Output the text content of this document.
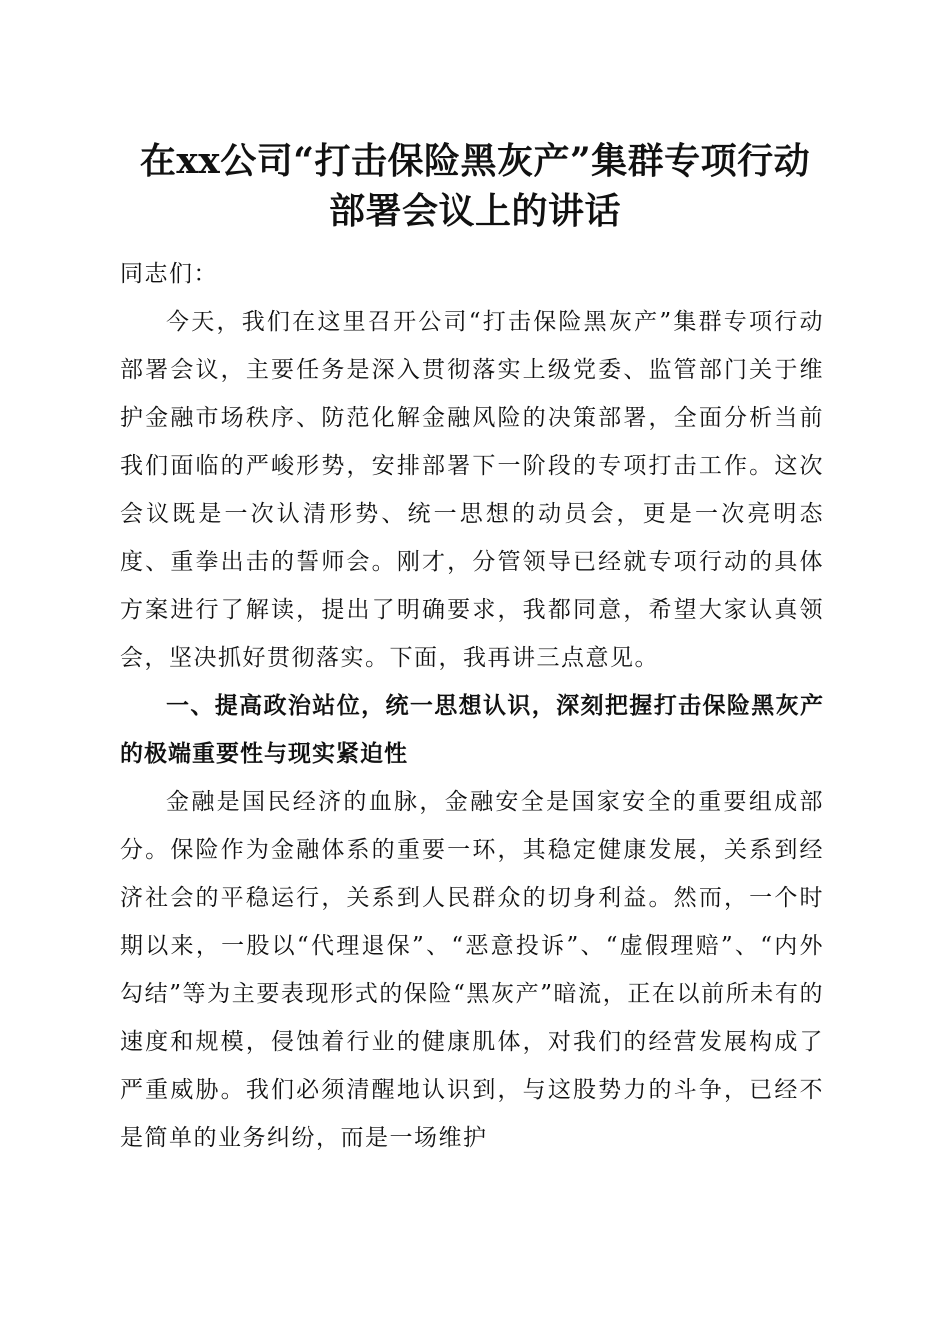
在xx公司“打击保险黑灰产”集群专项行动
部署会议上的讲话

同志们：

今天，我们在这里召开公司“打击保险黑灰产”集群专项行动部署会议，主要任务是深入贯彻落实上级党委、监管部门关于维护金融市场秩序、防范化解金融风险的决策部署，全面分析当前我们面临的严峻形势，安排部署下一阶段的专项打击工作。这次会议既是一次认清形势、统一思想的动员会，更是一次亮明态度、重拳出击的誓师会。刚才，分管领导已经就专项行动的具体方案进行了解读，提出了明确要求，我都同意，希望大家认真领会，坚决抓好贯彻落实。下面，我再讲三点意见。

一、提高政治站位，统一思想认识，深刻把握打击保险黑灰产的极端重要性与现实紧迫性

金融是国民经济的血脉，金融安全是国家安全的重要组成部分。保险作为金融体系的重要一环，其稳定健康发展，关系到经济社会的平稳运行，关系到人民群众的切身利益。然而，一个时期以来，一股以“代理退保”、“恶意投诉”、“虚假理赔”、“内外勾结”等为主要表现形式的保险“黑灰产”暗流，正在以前所未有的速度和规模，侵蚀着行业的健康肌体，对我们的经营发展构成了严重威胁。我们必须清醒地认识到，与这股势力的斗争，已经不是简单的业务纠纷，而是一场维护
